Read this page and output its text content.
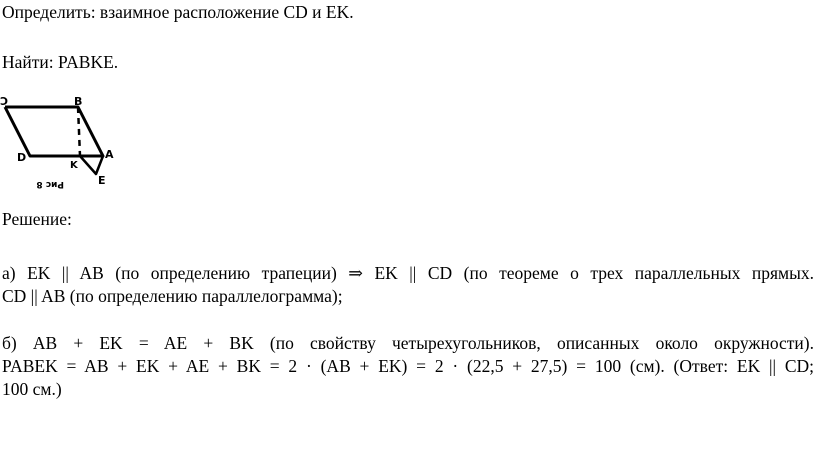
Определить: взаимное расположение CD и EK.
Найти: PABKE.
C	B
D
K
A
E
Рис 8
Решение:
а) EK || AB (по определению трапеции) ⇒ EK || CD (по теореме о трех параллельных прямых.
CD || AB (по определению параллелограмма);
б) AB + EK = AE + BK (по свойству четырехугольников, описанных около окружности).
PABEK = AB + EK + AE + BK = 2 · (AB + EK) = 2 · (22,5 + 27,5) = 100 (см). (Ответ: EK || CD;
100 см.)
